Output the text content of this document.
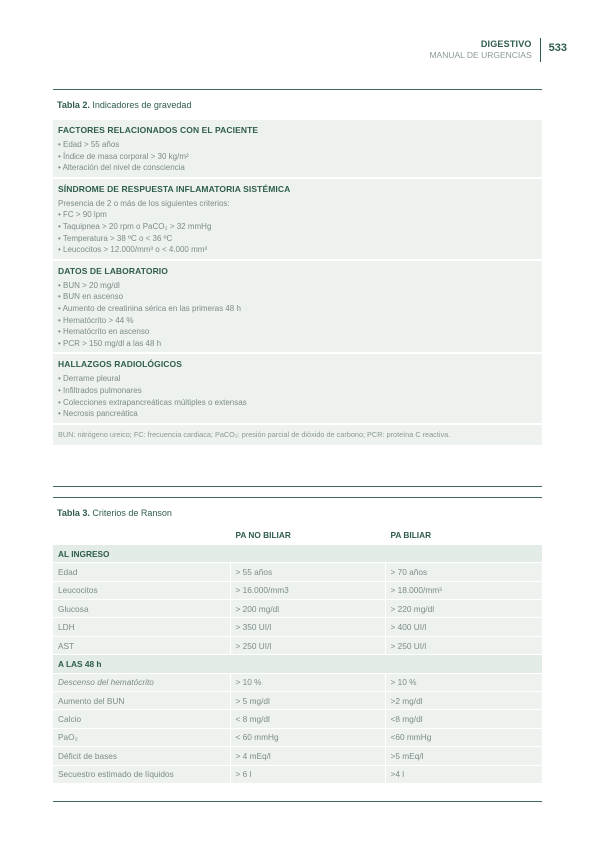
DIGESTIVO
MANUAL DE URGENCIAS
533
Tabla 2. Indicadores de gravedad
FACTORES RELACIONADOS CON EL PACIENTE
• Edad > 55 años
• Índice de masa corporal > 30 kg/m²
• Alteración del nivel de consciencia
SÍNDROME DE RESPUESTA INFLAMATORIA SISTÉMICA
Presencia de 2 o más de los siguientes criterios:
• FC > 90 lpm
• Taquipnea > 20 rpm o PaCO₂ > 32 mmHg
• Temperatura > 38 ºC o < 36 ºC
• Leucocitos > 12.000/mm³ o < 4.000 mm³
DATOS DE LABORATORIO
• BUN > 20 mg/dl
• BUN en ascenso
• Aumento de creatinina sérica en las primeras 48 h
• Hematócrito > 44 %
• Hematócrito en ascenso
• PCR > 150 mg/dl a las 48 h
HALLAZGOS RADIOLÓGICOS
• Derrame pleural
• Infiltrados pulmonares
• Colecciones extrapancreáticas múltiples o extensas
• Necrosis pancreática
BUN: nitrógeno ureico; FC: frecuencia cardiaca; PaCO₂: presión parcial de dióxido de carbono; PCR: proteína C reactiva.
Tabla 3. Criterios de Ranson
	PA NO BILIAR	PA BILIAR
AL INGRESO		
Edad	> 55 años	> 70 años
Leucocitos	> 16.000/mm3	> 18.000/mm³
Glucosa	> 200 mg/dl	> 220 mg/dl
LDH	> 350 UI/l	> 400 UI/l
AST	> 250 UI/l	> 250 UI/l
A LAS 48 h		
Descenso del hematócrito	> 10 %	> 10 %
Aumento del BUN	> 5 mg/dl	>2 mg/dl
Calcio	< 8 mg/dl	<8 mg/dl
PaO₂	< 60 mmHg	<60 mmHg
Déficit de bases	> 4 mEq/l	>5 mEq/l
Secuestro estimado de líquidos	> 6 l	>4 l
